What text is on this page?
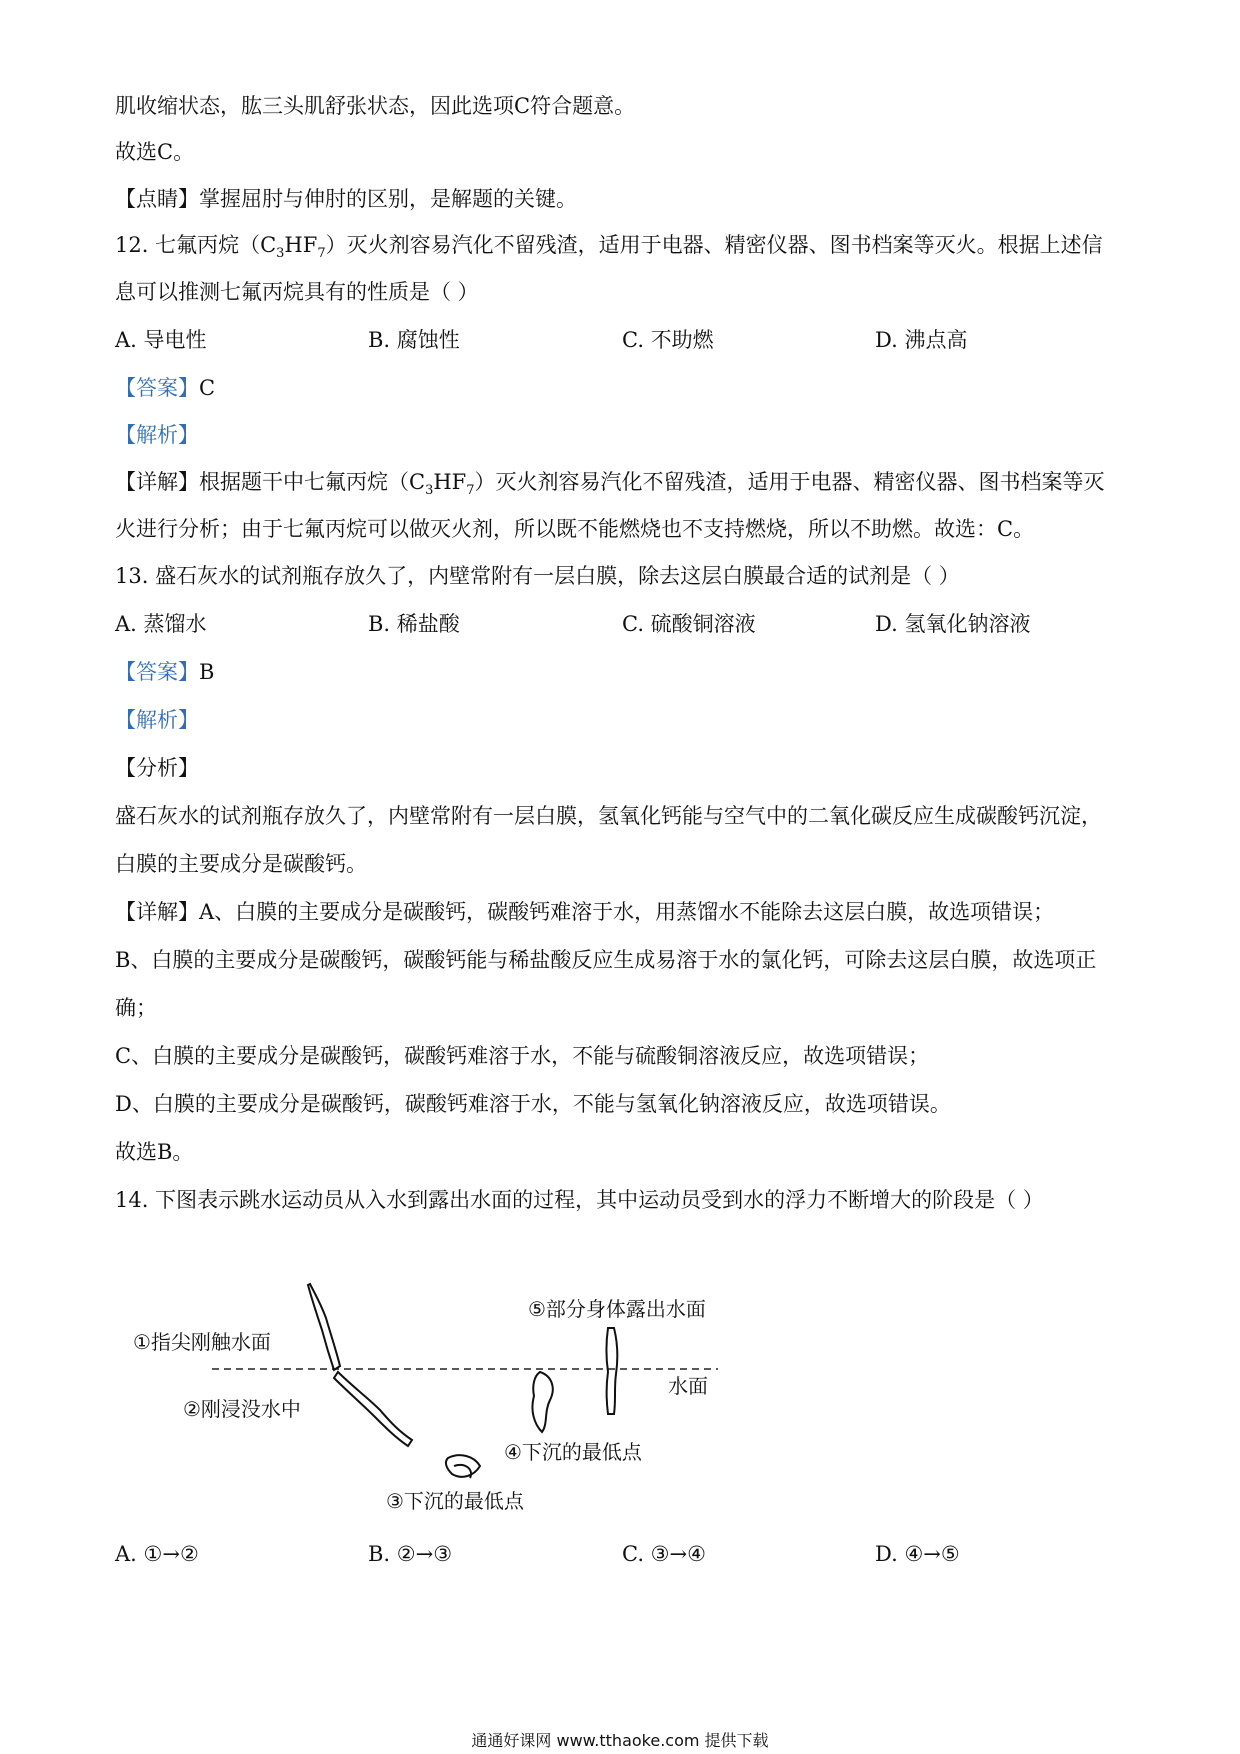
肌收缩状态，肱三头肌舒张状态，因此选项C符合题意。
故选C。
【点睛】掌握屈肘与伸肘的区别，是解题的关键。
12. 七氟丙烷$(C_3HF_7)$灭火剂容易汽化不留残渣，适用于电器、精密仪器、图书档案等灭火。根据上述信
息可以推测七氟丙烷具有的性质是（ ）
A. 导电性	B. 腐蚀性	C. 不助燃	D. 沸点高
【答案】C
【解析】
【详解】根据题干中七氟丙烷$(C_3HF_7)$灭火剂容易汽化不留残渣，适用于电器、精密仪器、图书档案等灭
火进行分析；由于七氟丙烷可以做灭火剂，所以既不能燃烧也不支持燃烧，所以不助燃。故选：C。
13. 盛石灰水的试剂瓶存放久了，内壁常附有一层白膜，除去这层白膜最合适的试剂是（ ）
A. 蒸馏水	B. 稀盐酸	C. 硫酸铜溶液	D. 氢氧化钠溶液
【答案】B
【解析】
【分析】
盛石灰水的试剂瓶存放久了，内壁常附有一层白膜，氢氧化钙能与空气中的二氧化碳反应生成碳酸钙沉淀，
白膜的主要成分是碳酸钙。
【详解】A、白膜的主要成分是碳酸钙，碳酸钙难溶于水，用蒸馏水不能除去这层白膜，故选项错误；
B、白膜的主要成分是碳酸钙，碳酸钙能与稀盐酸反应生成易溶于水的氯化钙，可除去这层白膜，故选项正
确；
C、白膜的主要成分是碳酸钙，碳酸钙难溶于水，不能与硫酸铜溶液反应，故选项错误；
D、白膜的主要成分是碳酸钙，碳酸钙难溶于水，不能与氢氧化钠溶液反应，故选项错误。
故选B。
14. 下图表示跳水运动员从入水到露出水面的过程，其中运动员受到水的浮力不断增大的阶段是（ ）
①指尖刚触水面
②刚浸没水中
③下沉的最低点
④下沉的最低点
⑤部分身体露出水面
水面
A. ①→②	B. ②→③	C. ③→④	D. ④→⑤
通通好课网 www.tthaoke.com 提供下载
